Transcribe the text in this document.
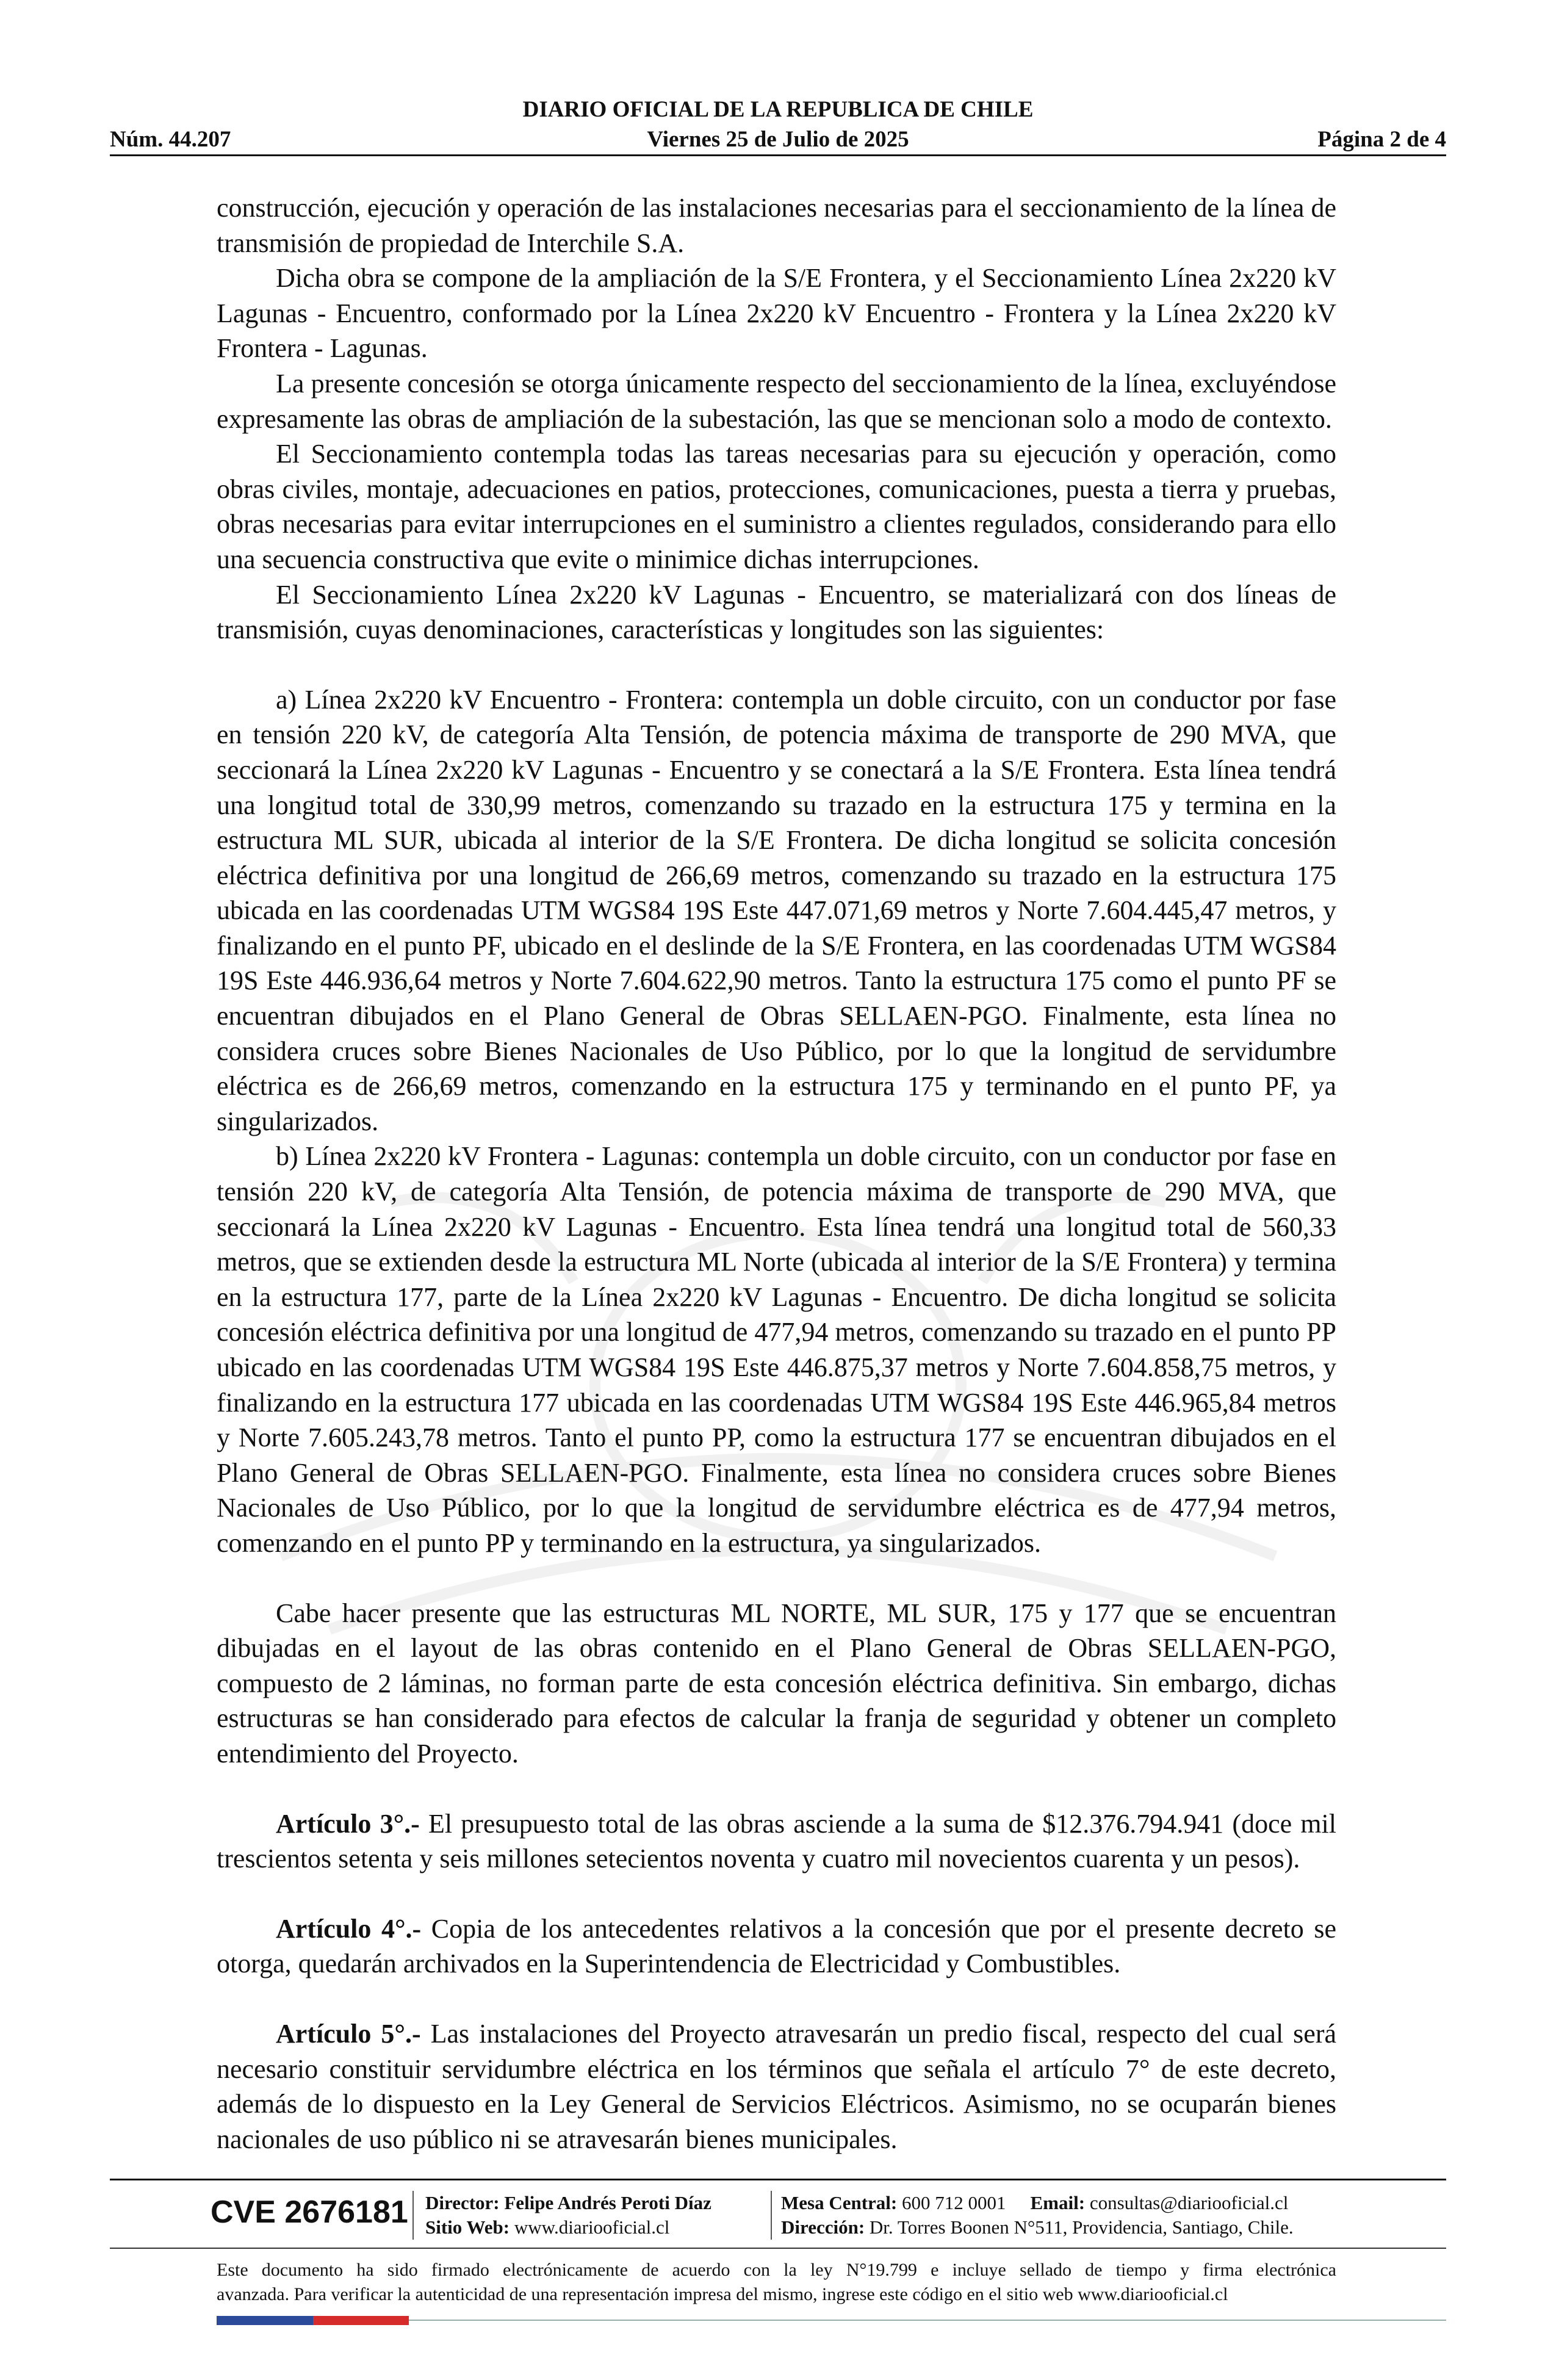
DIARIO OFICIAL DE LA REPUBLICA DE CHILE
Núm. 44.207	Viernes 25 de Julio de 2025	Página 2 de 4

construcción, ejecución y operación de las instalaciones necesarias para el seccionamiento de la línea de transmisión de propiedad de Interchile S.A.

Dicha obra se compone de la ampliación de la S/E Frontera, y el Seccionamiento Línea 2x220 kV Lagunas - Encuentro, conformado por la Línea 2x220 kV Encuentro - Frontera y la Línea 2x220 kV Frontera - Lagunas.

La presente concesión se otorga únicamente respecto del seccionamiento de la línea, excluyéndose expresamente las obras de ampliación de la subestación, las que se mencionan solo a modo de contexto.

El Seccionamiento contempla todas las tareas necesarias para su ejecución y operación, como obras civiles, montaje, adecuaciones en patios, protecciones, comunicaciones, puesta a tierra y pruebas, obras necesarias para evitar interrupciones en el suministro a clientes regulados, considerando para ello una secuencia constructiva que evite o minimice dichas interrupciones.

El Seccionamiento Línea 2x220 kV Lagunas - Encuentro, se materializará con dos líneas de transmisión, cuyas denominaciones, características y longitudes son las siguientes:

a) Línea 2x220 kV Encuentro - Frontera: contempla un doble circuito, con un conductor por fase en tensión 220 kV, de categoría Alta Tensión, de potencia máxima de transporte de 290 MVA, que seccionará la Línea 2x220 kV Lagunas - Encuentro y se conectará a la S/E Frontera. Esta línea tendrá una longitud total de 330,99 metros, comenzando su trazado en la estructura 175 y termina en la estructura ML SUR, ubicada al interior de la S/E Frontera. De dicha longitud se solicita concesión eléctrica definitiva por una longitud de 266,69 metros, comenzando su trazado en la estructura 175 ubicada en las coordenadas UTM WGS84 19S Este 447.071,69 metros y Norte 7.604.445,47 metros, y finalizando en el punto PF, ubicado en el deslinde de la S/E Frontera, en las coordenadas UTM WGS84 19S Este 446.936,64 metros y Norte 7.604.622,90 metros. Tanto la estructura 175 como el punto PF se encuentran dibujados en el Plano General de Obras SELLAEN-PGO. Finalmente, esta línea no considera cruces sobre Bienes Nacionales de Uso Público, por lo que la longitud de servidumbre eléctrica es de 266,69 metros, comenzando en la estructura 175 y terminando en el punto PF, ya singularizados.

b) Línea 2x220 kV Frontera - Lagunas: contempla un doble circuito, con un conductor por fase en tensión 220 kV, de categoría Alta Tensión, de potencia máxima de transporte de 290 MVA, que seccionará la Línea 2x220 kV Lagunas - Encuentro. Esta línea tendrá una longitud total de 560,33 metros, que se extienden desde la estructura ML Norte (ubicada al interior de la S/E Frontera) y termina en la estructura 177, parte de la Línea 2x220 kV Lagunas - Encuentro. De dicha longitud se solicita concesión eléctrica definitiva por una longitud de 477,94 metros, comenzando su trazado en el punto PP ubicado en las coordenadas UTM WGS84 19S Este 446.875,37 metros y Norte 7.604.858,75 metros, y finalizando en la estructura 177 ubicada en las coordenadas UTM WGS84 19S Este 446.965,84 metros y Norte 7.605.243,78 metros. Tanto el punto PP, como la estructura 177 se encuentran dibujados en el Plano General de Obras SELLAEN-PGO. Finalmente, esta línea no considera cruces sobre Bienes Nacionales de Uso Público, por lo que la longitud de servidumbre eléctrica es de 477,94 metros, comenzando en el punto PP y terminando en la estructura, ya singularizados.

Cabe hacer presente que las estructuras ML NORTE, ML SUR, 175 y 177 que se encuentran dibujadas en el layout de las obras contenido en el Plano General de Obras SELLAEN-PGO, compuesto de 2 láminas, no forman parte de esta concesión eléctrica definitiva. Sin embargo, dichas estructuras se han considerado para efectos de calcular la franja de seguridad y obtener un completo entendimiento del Proyecto.

Artículo 3°.- El presupuesto total de las obras asciende a la suma de $12.376.794.941 (doce mil trescientos setenta y seis millones setecientos noventa y cuatro mil novecientos cuarenta y un pesos).

Artículo 4°.- Copia de los antecedentes relativos a la concesión que por el presente decreto se otorga, quedarán archivados en la Superintendencia de Electricidad y Combustibles.

Artículo 5°.- Las instalaciones del Proyecto atravesarán un predio fiscal, respecto del cual será necesario constituir servidumbre eléctrica en los términos que señala el artículo 7° de este decreto, además de lo dispuesto en la Ley General de Servicios Eléctricos. Asimismo, no se ocuparán bienes nacionales de uso público ni se atravesarán bienes municipales.

CVE 2676181 Director: Felipe Andrés Peroti Díaz
Sitio Web: www.diariooficial.cl
Mesa Central: 600 712 0001 Email: consultas@diariooficial.cl
Dirección: Dr. Torres Boonen N°511, Providencia, Santiago, Chile.
Este documento ha sido firmado electrónicamente de acuerdo con la ley N°19.799 e incluye sellado de tiempo y firma electrónica
avanzada. Para verificar la autenticidad de una representación impresa del mismo, ingrese este código en el sitio web www.diariooficial.cl
